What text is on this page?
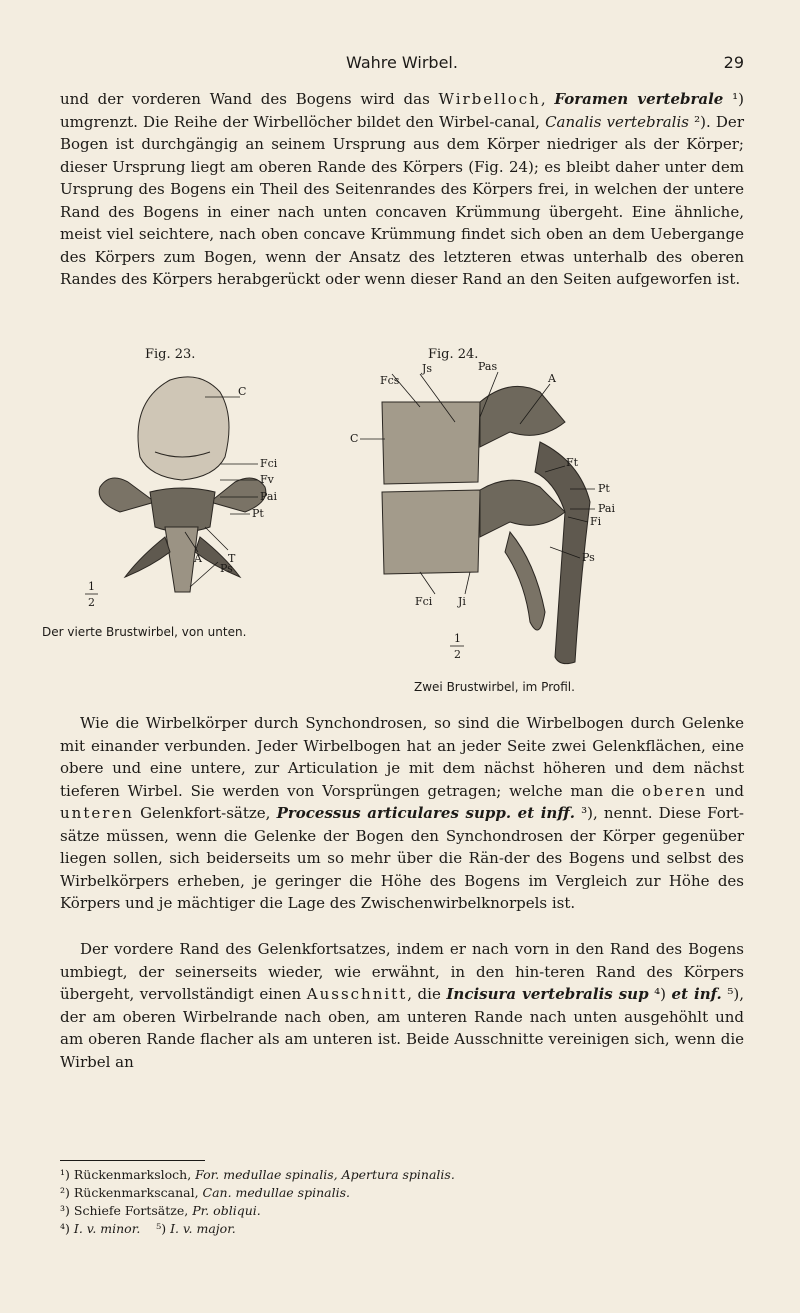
Wahre Wirbel.	29

und der vorderen Wand des Bogens wird das Wirbelloch, Foramen vertebrale ¹) umgrenzt. Die Reihe der Wirbellöcher bildet den Wirbel-canal, Canalis vertebralis ²). Der Bogen ist durchgängig an seinem Ursprung aus dem Körper niedriger als der Körper; dieser Ursprung liegt am oberen Rande des Körpers (Fig. 24); es bleibt daher unter dem Ursprung des Bogens ein Theil des Seitenrandes des Körpers frei, in welchen der untere Rand des Bogens in einer nach unten concaven Krümmung übergeht. Eine ähnliche, meist viel seichtere, nach oben concave Krümmung findet sich oben an dem Uebergange des Körpers zum Bogen, wenn der Ansatz des letzteren etwas unterhalb des oberen Randes des Körpers herabgerückt oder wenn dieser Rand an den Seiten aufgeworfen ist.

Fig. 23.
C
Fci
Fv
Pai
Pt
T
A
Ps
1
2
Der vierte Brustwirbel, von unten.
Fig. 24.
Js	Pas
Fcs	A
C
Ft
Pt
Pai
Fi
Ps
Fci Ji
1
2
Zwei Brustwirbel, im Profil.

Wie die Wirbelkörper durch Synchondrosen, so sind die Wirbelbogen durch Gelenke mit einander verbunden. Jeder Wirbelbogen hat an jeder Seite zwei Gelenkflächen, eine obere und eine untere, zur Articulation je mit dem nächst höheren und dem nächst tieferen Wirbel. Sie werden von Vorsprüngen getragen; welche man die oberen und unteren Gelenkfort-sätze, Processus articulares supp. et inff. ³), nennt. Diese Fort-sätze müssen, wenn die Gelenke der Bogen den Synchondrosen der Körper gegenüber liegen sollen, sich beiderseits um so mehr über die Rän-der des Bogens und selbst des Wirbelkörpers erheben, je geringer die Höhe des Bogens im Vergleich zur Höhe des Körpers und je mächtiger die Lage des Zwischenwirbelknorpels ist.

Der vordere Rand des Gelenkfortsatzes, indem er nach vorn in den Rand des Bogens umbiegt, der seinerseits wieder, wie erwähnt, in den hin-teren Rand des Körpers übergeht, vervollständigt einen Ausschnitt, die Incisura vertebralis sup ⁴) et inf. ⁵), der am oberen Wirbelrande nach oben, am unteren Rande nach unten ausgehöhlt und am oberen Rande flacher als am unteren ist. Beide Ausschnitte vereinigen sich, wenn die Wirbel an

¹) Rückenmarksloch, For. medullae spinalis, Apertura spinalis.
²) Rückenmarkscanal, Can. medullae spinalis.
³) Schiefe Fortsätze, Pr. obliqui.
⁴) I. v. minor. ⁵) I. v. major.
